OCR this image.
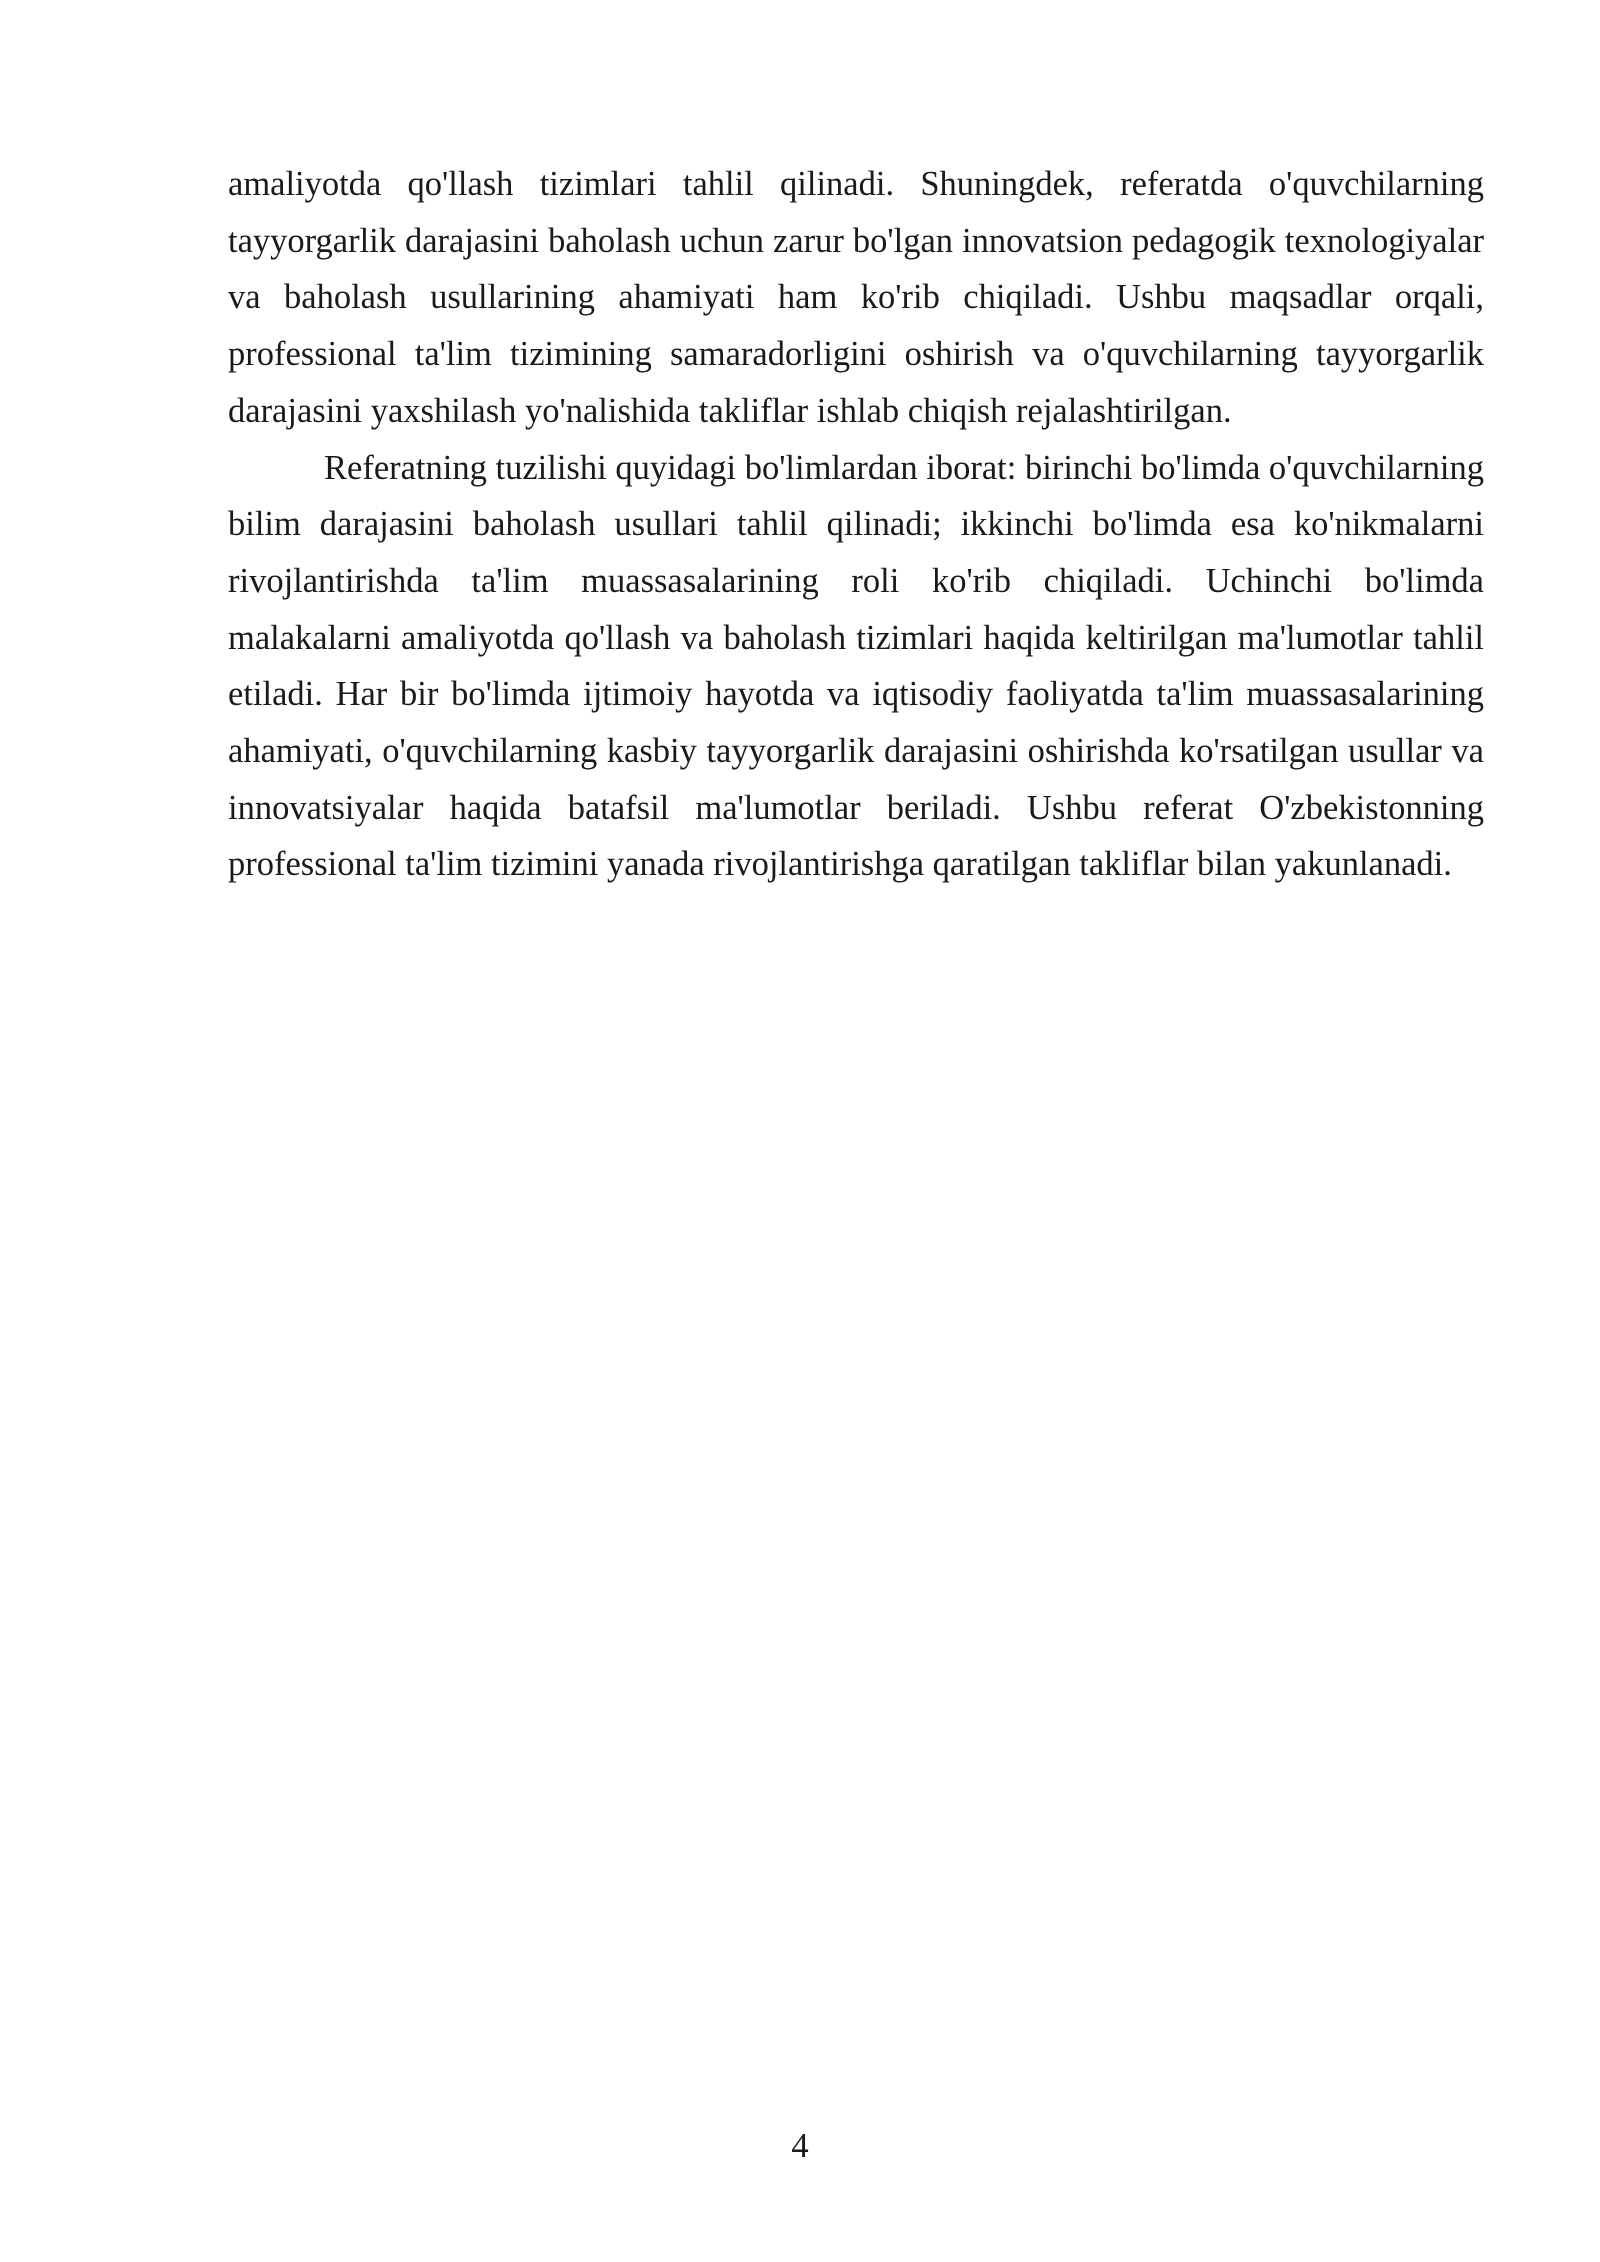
amaliyotda qo'llash tizimlari tahlil qilinadi. Shuningdek, referatda o'quvchilarning tayyorgarlik darajasini baholash uchun zarur bo'lgan innovatsion pedagogik texnologiyalar va baholash usullarining ahamiyati ham ko'rib chiqiladi. Ushbu maqsadlar orqali, professional ta'lim tizimining samaradorligini oshirish va o'quvchilarning tayyorgarlik darajasini yaxshilash yo'nalishida takliflar ishlab chiqish rejalashtirilgan.

Referatning tuzilishi quyidagi bo'limlardan iborat: birinchi bo'limda o'quvchilarning bilim darajasini baholash usullari tahlil qilinadi; ikkinchi bo'limda esa ko'nikmalarni rivojlantirishda ta'lim muassasalarining roli ko'rib chiqiladi. Uchinchi bo'limda malakalarni amaliyotda qo'llash va baholash tizimlari haqida keltirilgan ma'lumotlar tahlil etiladi. Har bir bo'limda ijtimoiy hayotda va iqtisodiy faoliyatda ta'lim muassasalarining ahamiyati, o'quvchilarning kasbiy tayyorgarlik darajasini oshirishda ko'rsatilgan usullar va innovatsiyalar haqida batafsil ma'lumotlar beriladi. Ushbu referat O'zbekistonning professional ta'lim tizimini yanada rivojlantirishga qaratilgan takliflar bilan yakunlanadi.

4
